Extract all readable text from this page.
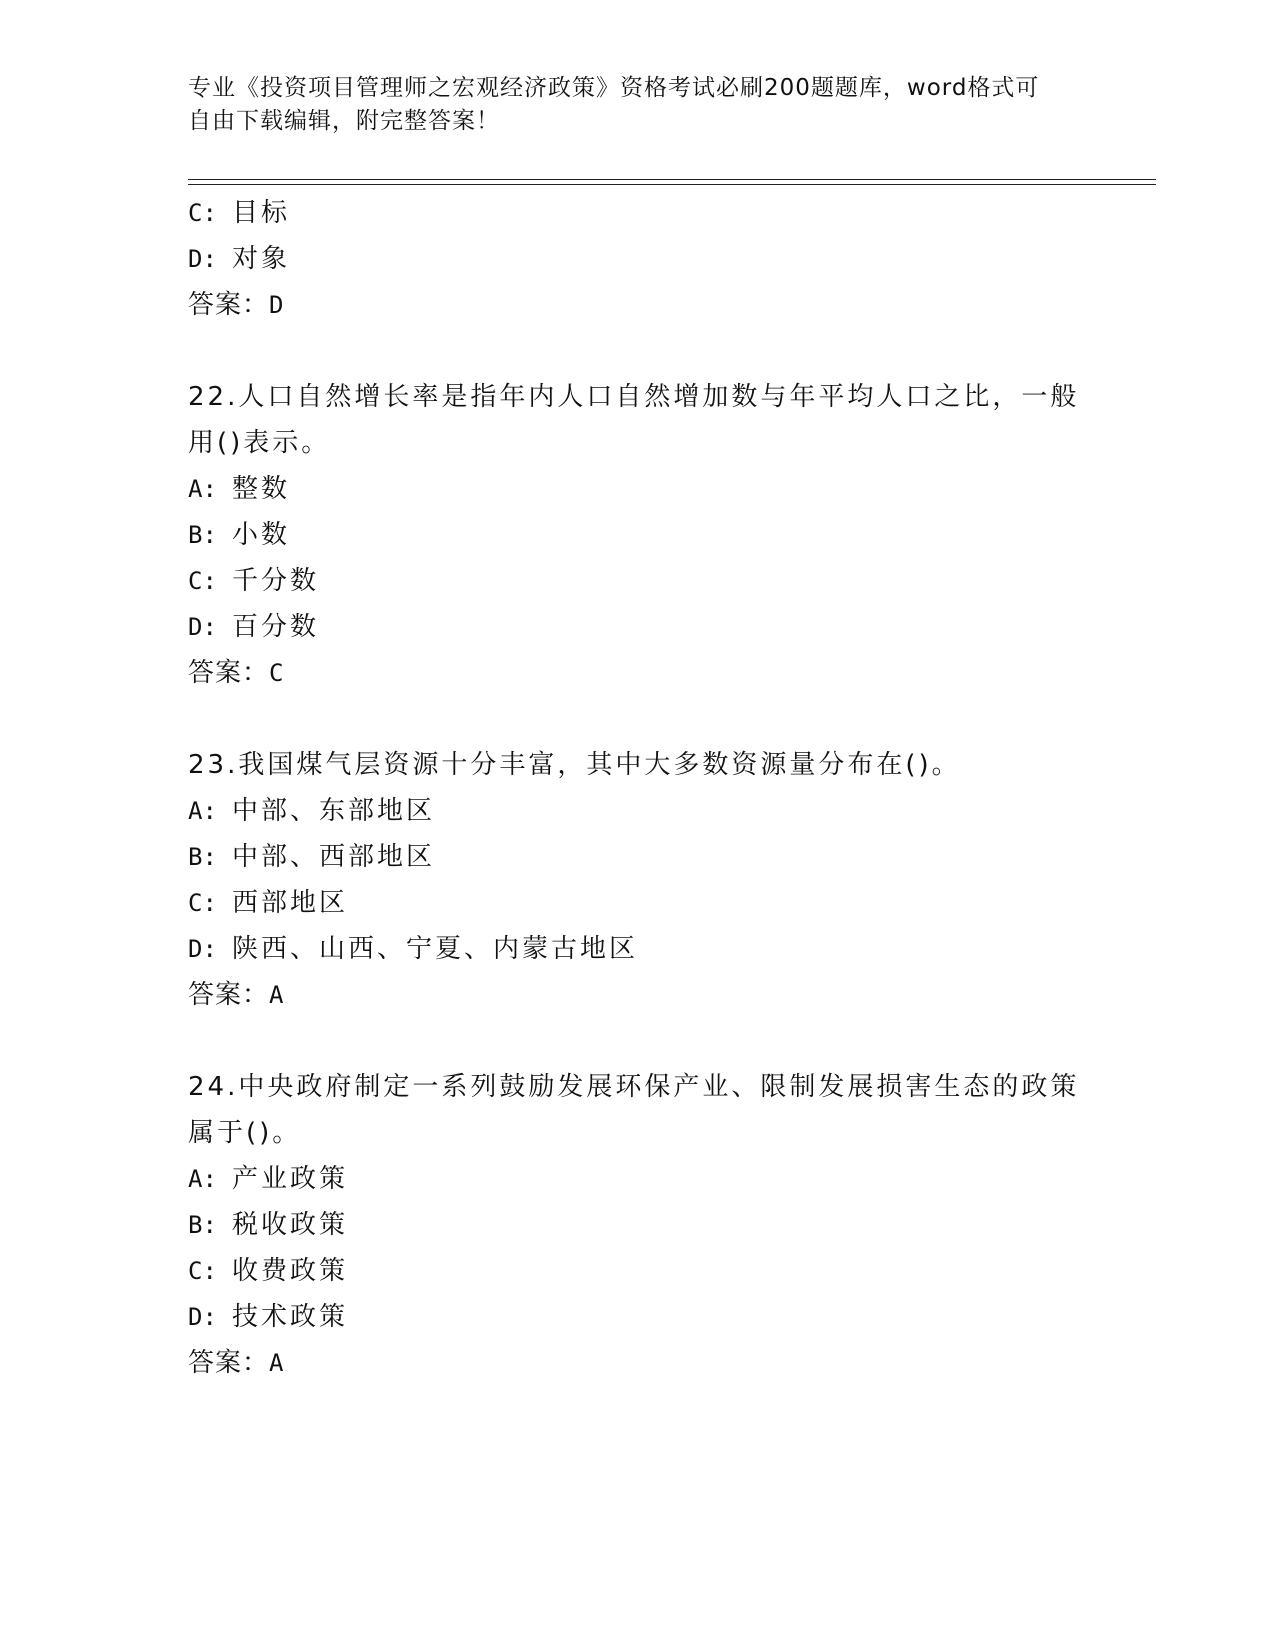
专业《投资项目管理师之宏观经济政策》资格考试必刷200题题库，word格式可
自由下载编辑，附完整答案！
C: 目标
D: 对象
答案：D
22.人口自然增长率是指年内人口自然增加数与年平均人口之比，一般
用()表示。
A: 整数
B: 小数
C: 千分数
D: 百分数
答案：C
23.我国煤气层资源十分丰富，其中大多数资源量分布在()。
A: 中部、东部地区
B: 中部、西部地区
C: 西部地区
D: 陕西、山西、宁夏、内蒙古地区
答案：A
24.中央政府制定一系列鼓励发展环保产业、限制发展损害生态的政策
属于()。
A: 产业政策
B: 税收政策
C: 收费政策
D: 技术政策
答案：A
